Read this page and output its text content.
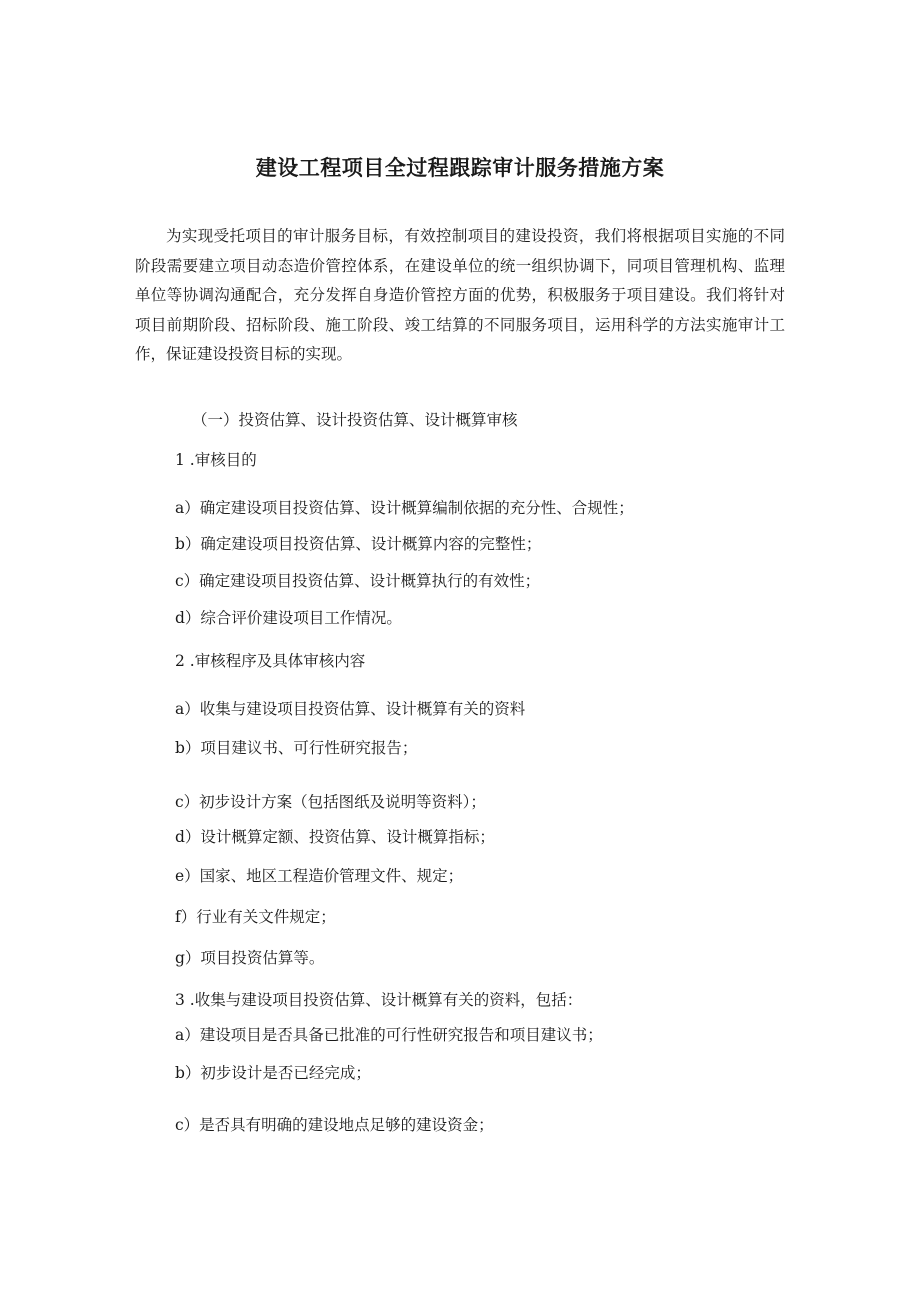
建设工程项目全过程跟踪审计服务措施方案

为实现受托项目的审计服务目标，有效控制项目的建设投资，我们将根据项目实施的不同阶段需要建立项目动态造价管控体系，在建设单位的统一组织协调下，同项目管理机构、监理单位等协调沟通配合，充分发挥自身造价管控方面的优势，积极服务于项目建设。我们将针对项目前期阶段、招标阶段、施工阶段、竣工结算的不同服务项目，运用科学的方法实施审计工作，保证建设投资目标的实现。

（一）投资估算、设计投资估算、设计概算审核
1 .审核目的
a）确定建设项目投资估算、设计概算编制依据的充分性、合规性；
b）确定建设项目投资估算、设计概算内容的完整性；
c）确定建设项目投资估算、设计概算执行的有效性；
d）综合评价建设项目工作情况。
2 .审核程序及具体审核内容
a）收集与建设项目投资估算、设计概算有关的资料
b）项目建议书、可行性研究报告；
c）初步设计方案（包括图纸及说明等资料）；
d）设计概算定额、投资估算、设计概算指标；
e）国家、地区工程造价管理文件、规定；
f）行业有关文件规定；
g）项目投资估算等。
3 .收集与建设项目投资估算、设计概算有关的资料，包括：
a）建设项目是否具备已批准的可行性研究报告和项目建议书；
b）初步设计是否已经完成；
c）是否具有明确的建设地点足够的建设资金；
